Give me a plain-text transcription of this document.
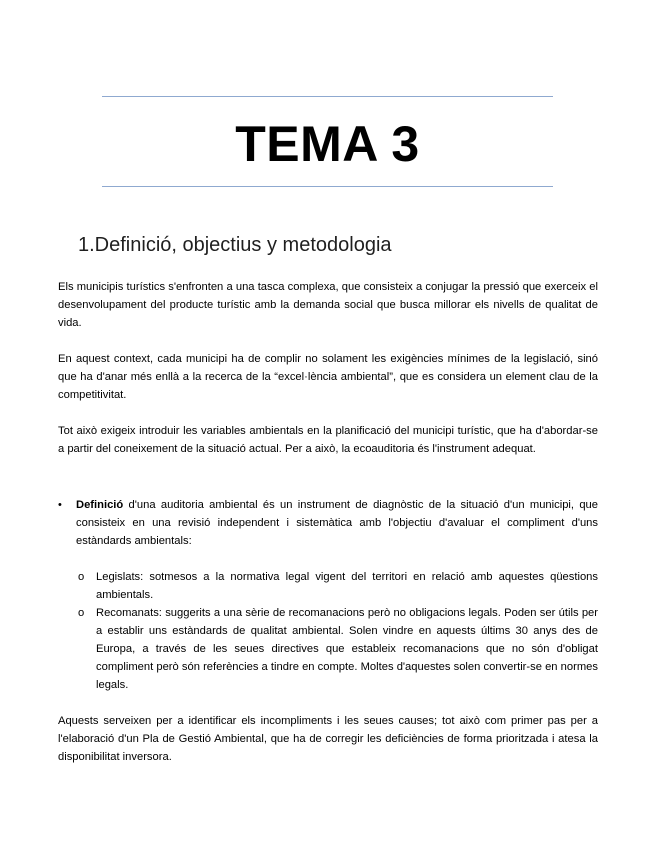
TEMA 3
1.Definició, objectius y metodologia
Els municipis turístics s'enfronten a una tasca complexa, que consisteix a conjugar la pressió que exerceix el desenvolupament del producte turístic amb la demanda social que busca millorar els nivells de qualitat de vida.
En aquest context, cada municipi ha de complir no solament les exigències mínimes de la legislació, sinó que ha d'anar més enllà a la recerca de la “excel·lència ambiental”, que es considera un element clau de la competitivitat.
Tot això exigeix introduir les variables ambientals en la planificació del municipi turístic, que ha d'abordar-se a partir del coneixement de la situació actual. Per a això, la ecoauditoria és l'instrument adequat.
•	Definició d'una auditoria ambiental és un instrument de diagnòstic de la situació d'un municipi, que consisteix en una revisió independent i sistemàtica amb l'objectiu d'avaluar el compliment d'uns estàndards ambientals:
o	Legislats: sotmesos a la normativa legal vigent del territori en relació amb aquestes qüestions ambientals.
o	Recomanats: suggerits a una sèrie de recomanacions però no obligacions legals. Poden ser útils per a establir uns estàndards de qualitat ambiental. Solen vindre en aquests últims 30 anys des de Europa, a través de les seues directives que estableix recomanacions que no són d'obligat compliment però són referències a tindre en compte. Moltes d'aquestes solen convertir-se en normes legals.
Aquests serveixen per a identificar els incompliments i les seues causes; tot això com primer pas per a l'elaboració d'un Pla de Gestió Ambiental, que ha de corregir les deficiències de forma prioritzada i atesa la disponibilitat inversora.
